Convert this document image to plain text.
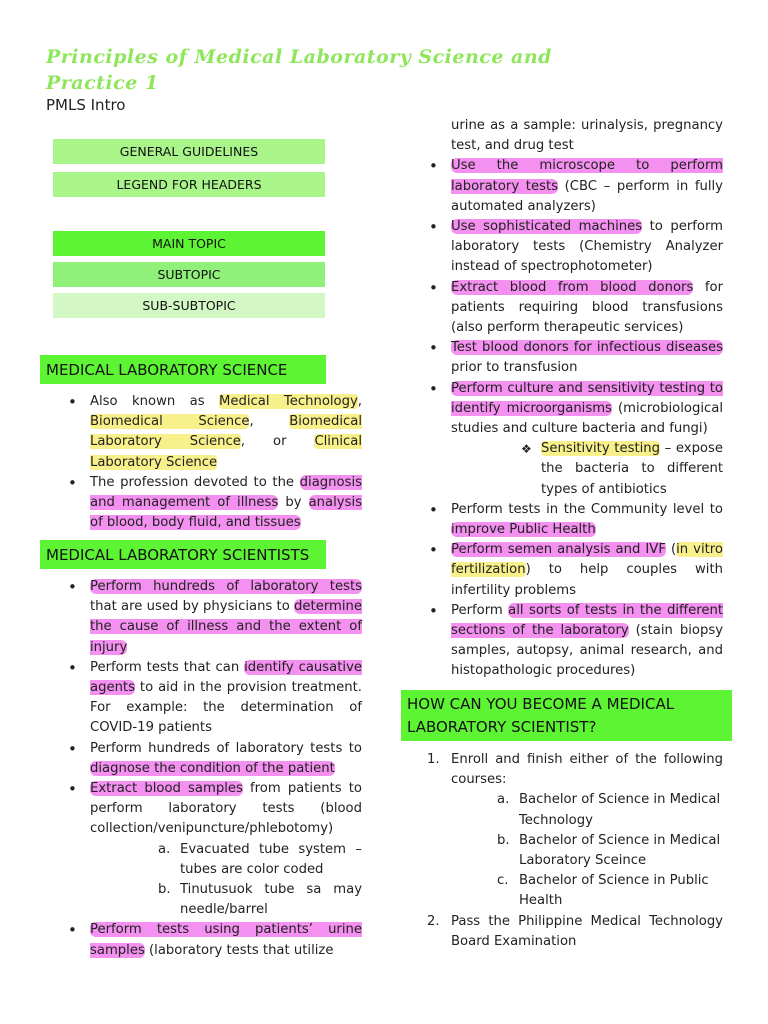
Principles of Medical Laboratory Science and Practice 1
PMLS Intro
GENERAL GUIDELINES
LEGEND FOR HEADERS
MAIN TOPIC
SUBTOPIC
SUB-SUBTOPIC
MEDICAL LABORATORY SCIENCE
• Also known as Medical Technology, Biomedical Science, Biomedical Laboratory Science, or Clinical Laboratory Science
• The profession devoted to the diagnosis and management of illness by analysis of blood, body fluid, and tissues
MEDICAL LABORATORY SCIENTISTS
• Perform hundreds of laboratory tests that are used by physicians to determine the cause of illness and the extent of injury
• Perform tests that can identify causative agents to aid in the provision treatment. For example: the determination of COVID-19 patients
• Perform hundreds of laboratory tests to diagnose the condition of the patient
• Extract blood samples from patients to perform laboratory tests (blood collection/venipuncture/phlebotomy)
a. Evacuated tube system – tubes are color coded
b. Tinutusuok tube sa may needle/barrel
• Perform tests using patients’ urine samples (laboratory tests that utilize
urine as a sample: urinalysis, pregnancy test, and drug test
• Use the microscope to perform laboratory tests (CBC – perform in fully automated analyzers)
• Use sophisticated machines to perform laboratory tests (Chemistry Analyzer instead of spectrophotometer)
• Extract blood from blood donors for patients requiring blood transfusions (also perform therapeutic services)
• Test blood donors for infectious diseases prior to transfusion
• Perform culture and sensitivity testing to identify microorganisms (microbiological studies and culture bacteria and fungi)
Sensitivity testing – expose the bacteria to different types of antibiotics
• Perform tests in the Community level to improve Public Health
• Perform semen analysis and IVF (in vitro fertilization) to help couples with infertility problems
• Perform all sorts of tests in the different sections of the laboratory (stain biopsy samples, autopsy, animal research, and histopathologic procedures)
HOW CAN YOU BECOME A MEDICAL LABORATORY SCIENTIST?
1. Enroll and finish either of the following courses:
a. Bachelor of Science in Medical Technology
b. Bachelor of Science in Medical Laboratory Sceince
c. Bachelor of Science in Public Health
2. Pass the Philippine Medical Technology Board Examination
